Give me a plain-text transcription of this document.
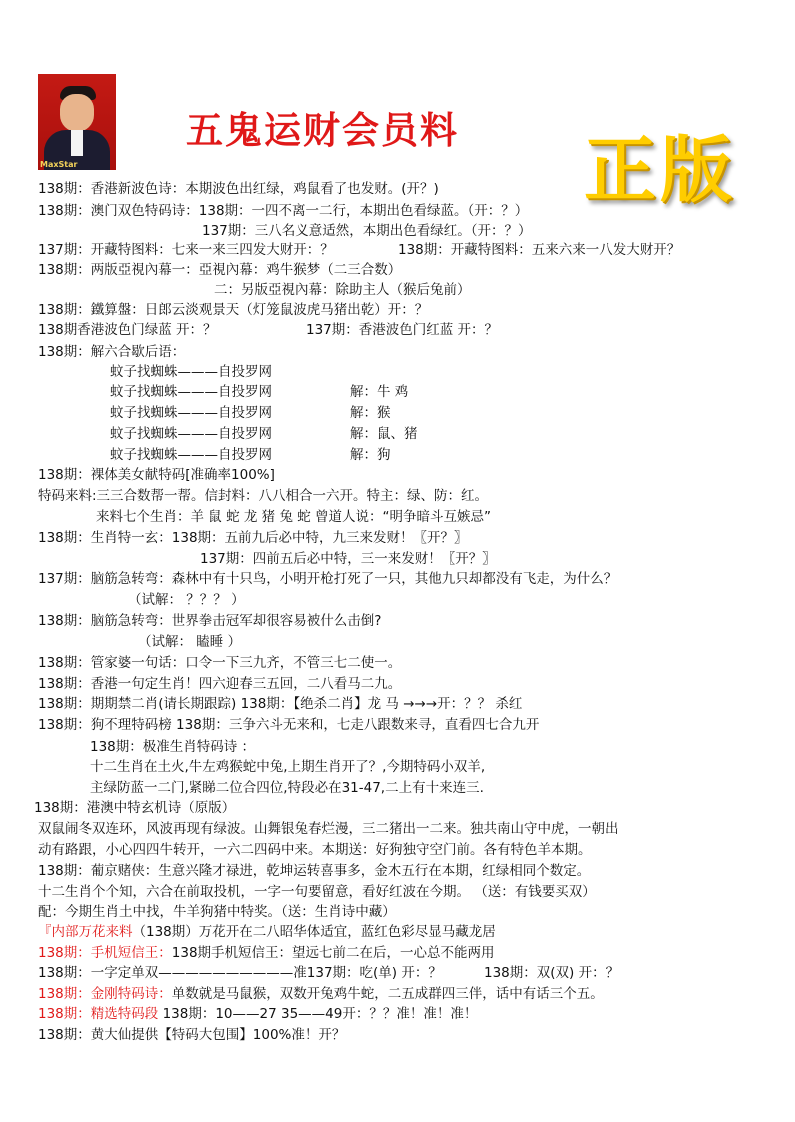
MaxStar
五鬼运财会员料 正版
138期：香港新波色诗：本期波色出红绿，鸡鼠看了也发财。(开？)
138期：澳门双色特码诗：138期：一四不离一二行，本期出色看绿蓝。（开：？）
137期：三八名义意适然，本期出色看绿红。（开：？）
137期：开藏特图料：七来一来三四发大财开：？	138期：开藏特图料：五来六来一八发大财开？
138期：两版亞視內幕一：亞視內幕：鸡牛猴梦（二三合数）
二：另版亞視內幕：除助主人（猴后兔前）
138期：鐵算盤：日郎云淡观景天（灯笼鼠波虎马猪出乾）开：？
138期香港波色门绿蓝 开：？	137期：香港波色门红蓝 开：？
138期：解六合歇后语：
蚊子找蜘蛛———自投罗网
蚊子找蜘蛛———自投罗网	解：牛 鸡
蚊子找蜘蛛———自投罗网	解：猴
蚊子找蜘蛛———自投罗网	解：鼠、猪
蚊子找蜘蛛———自投罗网	解：狗
138期：裸体美女献特码[准确率100%]
特码来料:三三合数帮一帮。信封料：八八相合一六开。特主：绿、防：红。
来料七个生肖：羊 鼠 蛇 龙 猪 兔 蛇 曾道人说：“明争暗斗互嫉忌”
138期：生肖特一玄：138期：五前九后必中特，九三来发财！〖开？〗
137期：四前五后必中特，三一来发财！〖开？〗
137期：脑筋急转弯：森林中有十只鸟，小明开枪打死了一只，其他九只却都没有飞走，为什么？
（试解： ？？？ ）
138期：脑筋急转弯：世界拳击冠军却很容易被什么击倒?
（试解： 瞌睡 ）
138期：管家婆一句话：口令一下三九齐，不管三七二使一。
138期：香港一句定生肖！四六迎春三五回，二八看马二九。
138期：期期禁二肖(请长期跟踪) 138期：【绝杀二肖】龙 马 →→→开：？？ 杀红
138期：狗不理特码榜 138期：三争六斗无来和，七走八跟数来寻，直看四七合九开
138期：极准生肖特码诗 ：
十二生肖在土火,牛左鸡猴蛇中兔,上期生肖开了？,今期特码小双羊,
主绿防蓝一二门,紧睇二位合四位,特段必在31-47,二上有十来连三.
138期：港澳中特玄机诗（原版）
双鼠闹冬双连环，风波再现有绿波。山舞银兔春烂漫，三二猪出一二来。独共南山守中虎，一朝出
动有路跟，小心四四牛转开，一六二四码中来。本期送：好狗独守空门前。各有特色羊本期。
138期：葡京赌侠：生意兴隆才禄进，乾坤运转喜事多，金木五行在本期，红绿相同个数定。
十二生肖个个知，六合在前取投机，一字一句要留意，看好红波在今期。 （送：有钱要买双）
配：今期生肖土中找，牛羊狗猪中特奖。（送：生肖诗中藏）
『内部万花来料（138期）万花开在二八昭华体适宜，蓝红色彩尽显马藏龙居
138期：手机短信王：138期手机短信王：望远七前二在后，一心总不能两用
138期：一字定单双——————————准137期：吃(单) 开：？	138期：双(双) 开：？
138期：金刚特码诗：单数就是马鼠猴，双数开兔鸡牛蛇，二五成群四三伴，话中有话三个五。
138期：精选特码段 138期：10——27 35——49开：？？准！准！准！
138期：黄大仙提供【特码大包围】100%准！开？
